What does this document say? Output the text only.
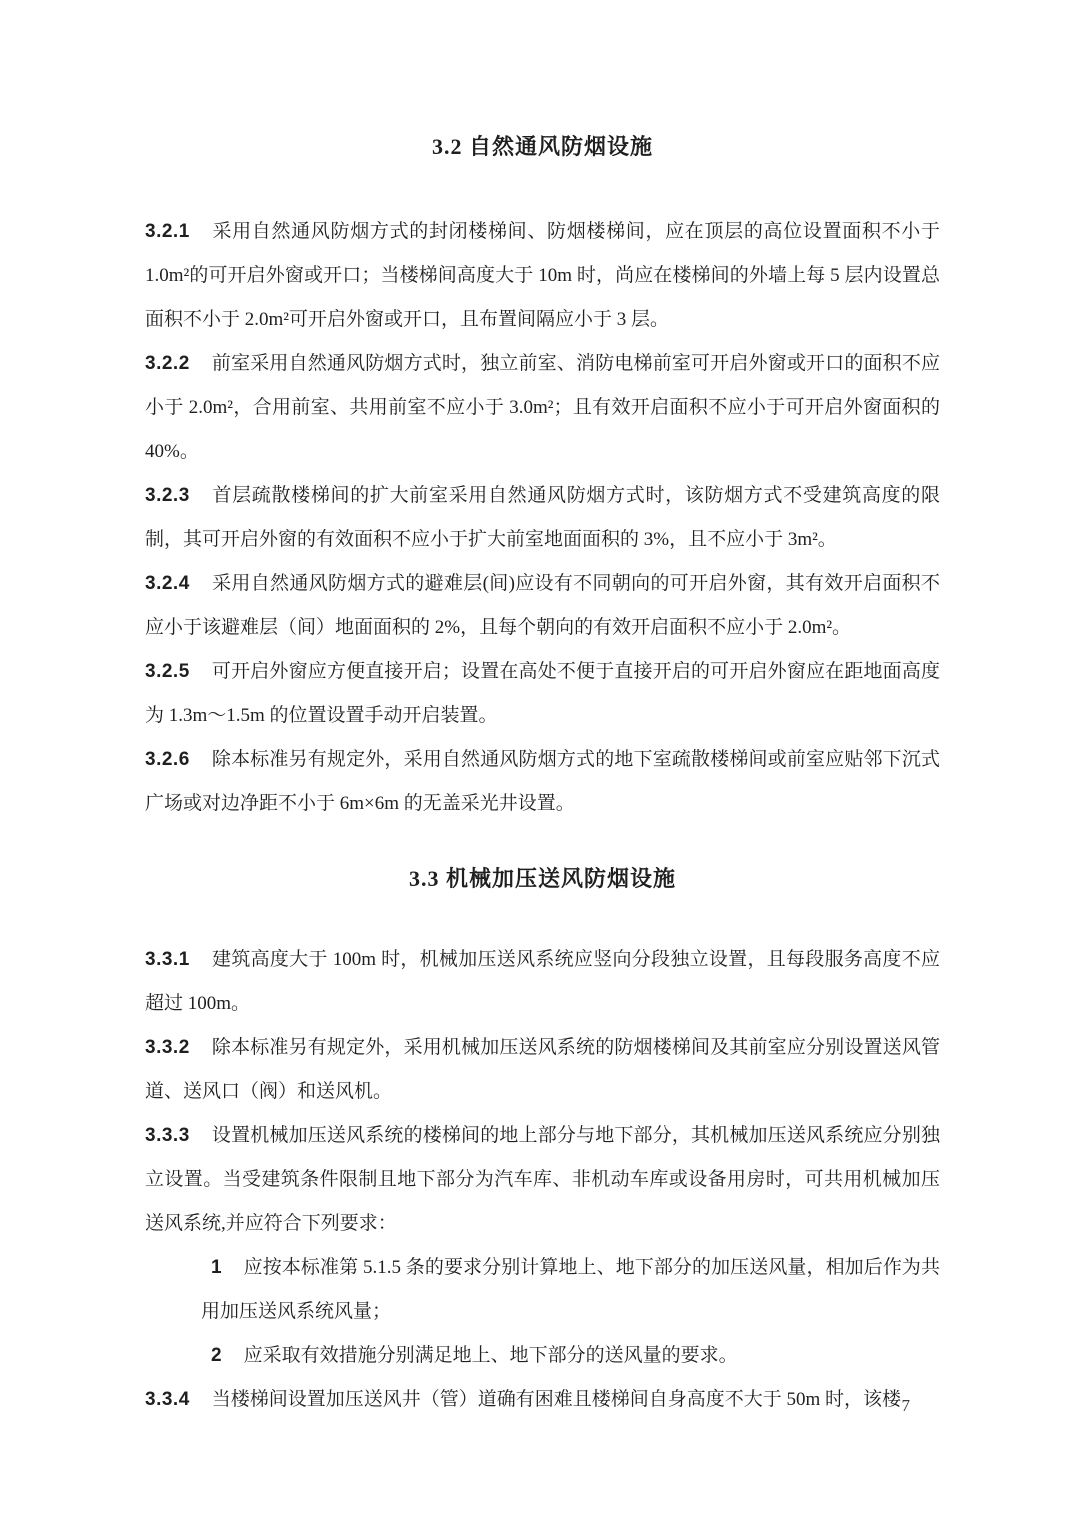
3.2 自然通风防烟设施

3.2.1 采用自然通风防烟方式的封闭楼梯间、防烟楼梯间，应在顶层的高位设置面积不小于 1.0m²的可开启外窗或开口；当楼梯间高度大于 10m 时，尚应在楼梯间的外墙上每 5 层内设置总面积不小于 2.0m²可开启外窗或开口，且布置间隔应小于 3 层。

3.2.2 前室采用自然通风防烟方式时，独立前室、消防电梯前室可开启外窗或开口的面积不应小于 2.0m²，合用前室、共用前室不应小于 3.0m²；且有效开启面积不应小于可开启外窗面积的 40%。

3.2.3 首层疏散楼梯间的扩大前室采用自然通风防烟方式时，该防烟方式不受建筑高度的限制，其可开启外窗的有效面积不应小于扩大前室地面面积的 3%，且不应小于 3m²。

3.2.4 采用自然通风防烟方式的避难层(间)应设有不同朝向的可开启外窗，其有效开启面积不应小于该避难层（间）地面面积的 2%，且每个朝向的有效开启面积不应小于 2.0m²。

3.2.5 可开启外窗应方便直接开启；设置在高处不便于直接开启的可开启外窗应在距地面高度为 1.3m～1.5m 的位置设置手动开启装置。

3.2.6 除本标准另有规定外，采用自然通风防烟方式的地下室疏散楼梯间或前室应贴邻下沉式广场或对边净距不小于 6m×6m 的无盖采光井设置。

3.3 机械加压送风防烟设施

3.3.1 建筑高度大于 100m 时，机械加压送风系统应竖向分段独立设置，且每段服务高度不应超过 100m。

3.3.2 除本标准另有规定外，采用机械加压送风系统的防烟楼梯间及其前室应分别设置送风管道、送风口（阀）和送风机。

3.3.3 设置机械加压送风系统的楼梯间的地上部分与地下部分，其机械加压送风系统应分别独立设置。当受建筑条件限制且地下部分为汽车库、非机动车库或设备用房时，可共用机械加压送风系统,并应符合下列要求：

1 应按本标准第 5.1.5 条的要求分别计算地上、地下部分的加压送风量，相加后作为共用加压送风系统风量；

2 应采取有效措施分别满足地上、地下部分的送风量的要求。

3.3.4 当楼梯间设置加压送风井（管）道确有困难且楼梯间自身高度不大于 50m 时，该楼 7
